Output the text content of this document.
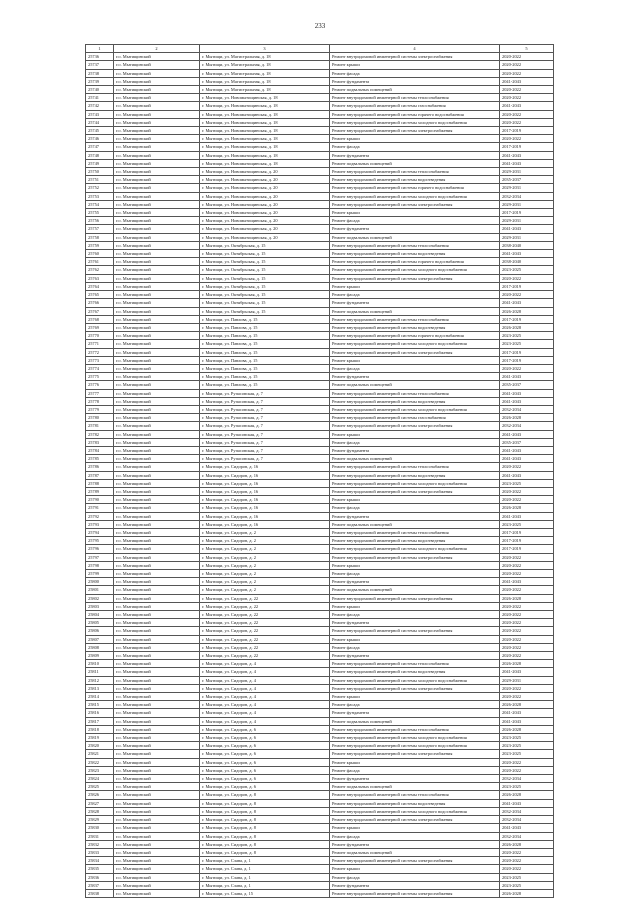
233
1	2	3	4	5
25736	г.о. Мытищинский	г. Мытищи, ул. Магистральная, д. 18	Ремонт внутридомовой инженерной системы электроснабжения	2020-2022
25737	г.о. Мытищинский	г. Мытищи, ул. Магистральная, д. 18	Ремонт крыши	2020-2022
25738	г.о. Мытищинский	г. Мытищи, ул. Магистральная, д. 18	Ремонт фасада	2020-2022
25739	г.о. Мытищинский	г. Мытищи, ул. Магистральная, д. 18	Ремонт фундамента	2041-2043
25740	г.о. Мытищинский	г. Мытищи, ул. Магистральная, д. 18	Ремонт подвальных помещений	2020-2022
25741	г.о. Мытищинский	г. Мытищи, ул. Новомытищинская, д. 18	Ремонт внутридомовой инженерной системы теплоснабжения	2020-2022
25742	г.о. Мытищинский	г. Мытищи, ул. Новомытищинская, д. 18	Ремонт внутридомовой инженерной системы газоснабжения	2041-2043
25743	г.о. Мытищинский	г. Мытищи, ул. Новомытищинская, д. 18	Ремонт внутридомовой инженерной системы горячего водоснабжения	2020-2022
25744	г.о. Мытищинский	г. Мытищи, ул. Новомытищинская, д. 18	Ремонт внутридомовой инженерной системы холодного водоснабжения	2020-2022
25745	г.о. Мытищинский	г. Мытищи, ул. Новомытищинская, д. 18	Ремонт внутридомовой инженерной системы электроснабжения	2017-2019
25746	г.о. Мытищинский	г. Мытищи, ул. Новомытищинская, д. 18	Ремонт крыши	2020-2022
25747	г.о. Мытищинский	г. Мытищи, ул. Новомытищинская, д. 18	Ремонт фасада	2017-2019
25748	г.о. Мытищинский	г. Мытищи, ул. Новомытищинская, д. 18	Ремонт фундамента	2041-2043
25749	г.о. Мытищинский	г. Мытищи, ул. Новомытищинская, д. 18	Ремонт подвальных помещений	2041-2043
25750	г.о. Мытищинский	г. Мытищи, ул. Новомытищинская, д. 20	Ремонт внутридомовой инженерной системы теплоснабжения	2029-2031
25751	г.о. Мытищинский	г. Мытищи, ул. Новомытищинская, д. 20	Ремонт внутридомовой инженерной системы водоотведения	2035-2037
25752	г.о. Мытищинский	г. Мытищи, ул. Новомытищинская, д. 20	Ремонт внутридомовой инженерной системы горячего водоснабжения	2029-2031
25753	г.о. Мытищинский	г. Мытищи, ул. Новомытищинская, д. 20	Ремонт внутридомовой инженерной системы холодного водоснабжения	2032-2034
25754	г.о. Мытищинский	г. Мытищи, ул. Новомытищинская, д. 20	Ремонт внутридомовой инженерной системы электроснабжения	2029-2031
25755	г.о. Мытищинский	г. Мытищи, ул. Новомытищинская, д. 20	Ремонт крыши	2017-2019
25756	г.о. Мытищинский	г. Мытищи, ул. Новомытищинская, д. 20	Ремонт фасада	2029-2031
25757	г.о. Мытищинский	г. Мытищи, ул. Новомытищинская, д. 20	Ремонт фундамента	2041-2043
25758	г.о. Мытищинский	г. Мытищи, ул. Новомытищинская, д. 20	Ремонт подвальных помещений	2029-2031
25759	г.о. Мытищинский	г. Мытищи, ул. Октябрьская, д. 15	Ремонт внутридомовой инженерной системы теплоснабжения	2038-2040
25760	г.о. Мытищинский	г. Мытищи, ул. Октябрьская, д. 15	Ремонт внутридомовой инженерной системы водоотведения	2041-2043
25761	г.о. Мытищинский	г. Мытищи, ул. Октябрьская, д. 15	Ремонт внутридомовой инженерной системы горячего водоснабжения	2038-2040
25762	г.о. Мытищинский	г. Мытищи, ул. Октябрьская, д. 15	Ремонт внутридомовой инженерной системы холодного водоснабжения	2023-2025
25763	г.о. Мытищинский	г. Мытищи, ул. Октябрьская, д. 15	Ремонт внутридомовой инженерной системы электроснабжения	2020-2022
25764	г.о. Мытищинский	г. Мытищи, ул. Октябрьская, д. 15	Ремонт крыши	2017-2019
25765	г.о. Мытищинский	г. Мытищи, ул. Октябрьская, д. 15	Ремонт фасада	2020-2022
25766	г.о. Мытищинский	г. Мытищи, ул. Октябрьская, д. 15	Ремонт фундамента	2041-2043
25767	г.о. Мытищинский	г. Мытищи, ул. Октябрьская, д. 15	Ремонт подвальных помещений	2026-2028
25768	г.о. Мытищинский	г. Мытищи, ул. Павлова, д. 15	Ремонт внутридомовой инженерной системы теплоснабжения	2017-2019
25769	г.о. Мытищинский	г. Мытищи, ул. Павлова, д. 15	Ремонт внутридомовой инженерной системы водоотведения	2026-2028
25770	г.о. Мытищинский	г. Мытищи, ул. Павлова, д. 15	Ремонт внутридомовой инженерной системы горячего водоснабжения	2023-2025
25771	г.о. Мытищинский	г. Мытищи, ул. Павлова, д. 15	Ремонт внутридомовой инженерной системы холодного водоснабжения	2023-2025
25772	г.о. Мытищинский	г. Мытищи, ул. Павлова, д. 15	Ремонт внутридомовой инженерной системы электроснабжения	2017-2019
25773	г.о. Мытищинский	г. Мытищи, ул. Павлова, д. 15	Ремонт крыши	2017-2019
25774	г.о. Мытищинский	г. Мытищи, ул. Павлова, д. 15	Ремонт фасада	2020-2022
25775	г.о. Мытищинский	г. Мытищи, ул. Павлова, д. 15	Ремонт фундамента	2041-2043
25776	г.о. Мытищинский	г. Мытищи, ул. Павлова, д. 15	Ремонт подвальных помещений	2035-2037
25777	г.о. Мытищинский	г. Мытищи, ул. Рупасовская, д. 7	Ремонт внутридомовой инженерной системы теплоснабжения	2041-2043
25778	г.о. Мытищинский	г. Мытищи, ул. Рупасовская, д. 7	Ремонт внутридомовой инженерной системы водоотведения	2041-2043
25779	г.о. Мытищинский	г. Мытищи, ул. Рупасовская, д. 7	Ремонт внутридомовой инженерной системы холодного водоснабжения	2032-2034
25780	г.о. Мытищинский	г. Мытищи, ул. Рупасовская, д. 7	Ремонт внутридомовой инженерной системы газоснабжения	2026-2028
25781	г.о. Мытищинский	г. Мытищи, ул. Рупасовская, д. 7	Ремонт внутридомовой инженерной системы электроснабжения	2032-2034
25782	г.о. Мытищинский	г. Мытищи, ул. Рупасовская, д. 7	Ремонт крыши	2041-2043
25783	г.о. Мытищинский	г. Мытищи, ул. Рупасовская, д. 7	Ремонт фасада	2035-2037
25784	г.о. Мытищинский	г. Мытищи, ул. Рупасовская, д. 7	Ремонт фундамента	2041-2043
25785	г.о. Мытищинский	г. Мытищи, ул. Рупасовская, д. 7	Ремонт подвальных помещений	2041-2043
25786	г.о. Мытищинский	г. Мытищи, ул. Сидоров, д. 16	Ремонт внутридомовой инженерной системы теплоснабжения	2020-2022
25787	г.о. Мытищинский	г. Мытищи, ул. Сидоров, д. 16	Ремонт внутридомовой инженерной системы водоотведения	2041-2043
25788	г.о. Мытищинский	г. Мытищи, ул. Сидоров, д. 16	Ремонт внутридомовой инженерной системы холодного водоснабжения	2023-2025
25789	г.о. Мытищинский	г. Мытищи, ул. Сидоров, д. 16	Ремонт внутридомовой инженерной системы электроснабжения	2020-2022
25790	г.о. Мытищинский	г. Мытищи, ул. Сидоров, д. 16	Ремонт крыши	2020-2022
25791	г.о. Мытищинский	г. Мытищи, ул. Сидоров, д. 16	Ремонт фасада	2026-2028
25792	г.о. Мытищинский	г. Мытищи, ул. Сидоров, д. 16	Ремонт фундамента	2041-2043
25793	г.о. Мытищинский	г. Мытищи, ул. Сидоров, д. 16	Ремонт подвальных помещений	2023-2025
25794	г.о. Мытищинский	г. Мытищи, ул. Сидоров, д. 2	Ремонт внутридомовой инженерной системы теплоснабжения	2017-2019
25795	г.о. Мытищинский	г. Мытищи, ул. Сидоров, д. 2	Ремонт внутридомовой инженерной системы водоотведения	2017-2019
25796	г.о. Мытищинский	г. Мытищи, ул. Сидоров, д. 2	Ремонт внутридомовой инженерной системы холодного водоснабжения	2017-2019
25797	г.о. Мытищинский	г. Мытищи, ул. Сидоров, д. 2	Ремонт внутридомовой инженерной системы электроснабжения	2020-2022
25798	г.о. Мытищинский	г. Мытищи, ул. Сидоров, д. 2	Ремонт крыши	2020-2022
25799	г.о. Мытищинский	г. Мытищи, ул. Сидоров, д. 2	Ремонт фасада	2020-2022
25800	г.о. Мытищинский	г. Мытищи, ул. Сидоров, д. 2	Ремонт фундамента	2041-2043
25801	г.о. Мытищинский	г. Мытищи, ул. Сидоров, д. 2	Ремонт подвальных помещений	2020-2022
25802	г.о. Мытищинский	г. Мытищи, ул. Сидоров, д. 22	Ремонт внутридомовой инженерной системы электроснабжения	2026-2028
25803	г.о. Мытищинский	г. Мытищи, ул. Сидоров, д. 22	Ремонт крыши	2020-2022
25804	г.о. Мытищинский	г. Мытищи, ул. Сидоров, д. 22	Ремонт фасада	2020-2022
25805	г.о. Мытищинский	г. Мытищи, ул. Сидоров, д. 22	Ремонт фундамента	2020-2022
25806	г.о. Мытищинский	г. Мытищи, ул. Сидоров, д. 22	Ремонт внутридомовой инженерной системы электроснабжения	2020-2022
25807	г.о. Мытищинский	г. Мытищи, ул. Сидоров, д. 22	Ремонт крыши	2020-2022
25808	г.о. Мытищинский	г. Мытищи, ул. Сидоров, д. 22	Ремонт фасада	2020-2022
25809	г.о. Мытищинский	г. Мытищи, ул. Сидоров, д. 22	Ремонт фундамента	2020-2022
25810	г.о. Мытищинский	г. Мытищи, ул. Сидоров, д. 4	Ремонт внутридомовой инженерной системы теплоснабжения	2026-2028
25811	г.о. Мытищинский	г. Мытищи, ул. Сидоров, д. 4	Ремонт внутридомовой инженерной системы водоотведения	2041-2043
25812	г.о. Мытищинский	г. Мытищи, ул. Сидоров, д. 4	Ремонт внутридомовой инженерной системы холодного водоснабжения	2029-2031
25813	г.о. Мытищинский	г. Мытищи, ул. Сидоров, д. 4	Ремонт внутридомовой инженерной системы электроснабжения	2020-2022
25814	г.о. Мытищинский	г. Мытищи, ул. Сидоров, д. 4	Ремонт крыши	2020-2022
25815	г.о. Мытищинский	г. Мытищи, ул. Сидоров, д. 4	Ремонт фасада	2026-2028
25816	г.о. Мытищинский	г. Мытищи, ул. Сидоров, д. 4	Ремонт фундамента	2041-2043
25817	г.о. Мытищинский	г. Мытищи, ул. Сидоров, д. 4	Ремонт подвальных помещений	2041-2043
25818	г.о. Мытищинский	г. Мытищи, ул. Сидоров, д. 6	Ремонт внутридомовой инженерной системы теплоснабжения	2026-2028
25819	г.о. Мытищинский	г. Мытищи, ул. Сидоров, д. 6	Ремонт внутридомовой инженерной системы холодного водоснабжения	2023-2025
25820	г.о. Мытищинский	г. Мытищи, ул. Сидоров, д. 6	Ремонт внутридомовой инженерной системы холодного водоснабжения	2023-2025
25821	г.о. Мытищинский	г. Мытищи, ул. Сидоров, д. 6	Ремонт внутридомовой инженерной системы электроснабжения	2023-2025
25822	г.о. Мытищинский	г. Мытищи, ул. Сидоров, д. 6	Ремонт крыши	2020-2022
25823	г.о. Мытищинский	г. Мытищи, ул. Сидоров, д. 6	Ремонт фасада	2020-2022
25824	г.о. Мытищинский	г. Мытищи, ул. Сидоров, д. 6	Ремонт фундамента	2032-2034
25825	г.о. Мытищинский	г. Мытищи, ул. Сидоров, д. 6	Ремонт подвальных помещений	2023-2025
25826	г.о. Мытищинский	г. Мытищи, ул. Сидоров, д. 8	Ремонт внутридомовой инженерной системы теплоснабжения	2026-2028
25827	г.о. Мытищинский	г. Мытищи, ул. Сидоров, д. 8	Ремонт внутридомовой инженерной системы водоотведения	2041-2043
25828	г.о. Мытищинский	г. Мытищи, ул. Сидоров, д. 8	Ремонт внутридомовой инженерной системы холодного водоснабжения	2032-2034
25829	г.о. Мытищинский	г. Мытищи, ул. Сидоров, д. 8	Ремонт внутридомовой инженерной системы электроснабжения	2032-2034
25830	г.о. Мытищинский	г. Мытищи, ул. Сидоров, д. 8	Ремонт крыши	2041-2043
25831	г.о. Мытищинский	г. Мытищи, ул. Сидоров, д. 8	Ремонт фасада	2032-2034
25832	г.о. Мытищинский	г. Мытищи, ул. Сидоров, д. 8	Ремонт фундамента	2026-2028
25833	г.о. Мытищинский	г. Мытищи, ул. Сидоров, д. 8	Ремонт подвальных помещений	2020-2022
25834	г.о. Мытищинский	г. Мытищи, ул. Слава, д. 1	Ремонт внутридомовой инженерной системы электроснабжения	2020-2022
25835	г.о. Мытищинский	г. Мытищи, ул. Слава, д. 1	Ремонт крыши	2020-2022
25836	г.о. Мытищинский	г. Мытищи, ул. Слава, д. 1	Ремонт фасада	2023-2025
25837	г.о. Мытищинский	г. Мытищи, ул. Слава, д. 1	Ремонт фундамента	2023-2025
25838	г.о. Мытищинский	г. Мытищи, ул. Слава, д. 15	Ремонт внутридомовой инженерной системы электроснабжения	2026-2028
